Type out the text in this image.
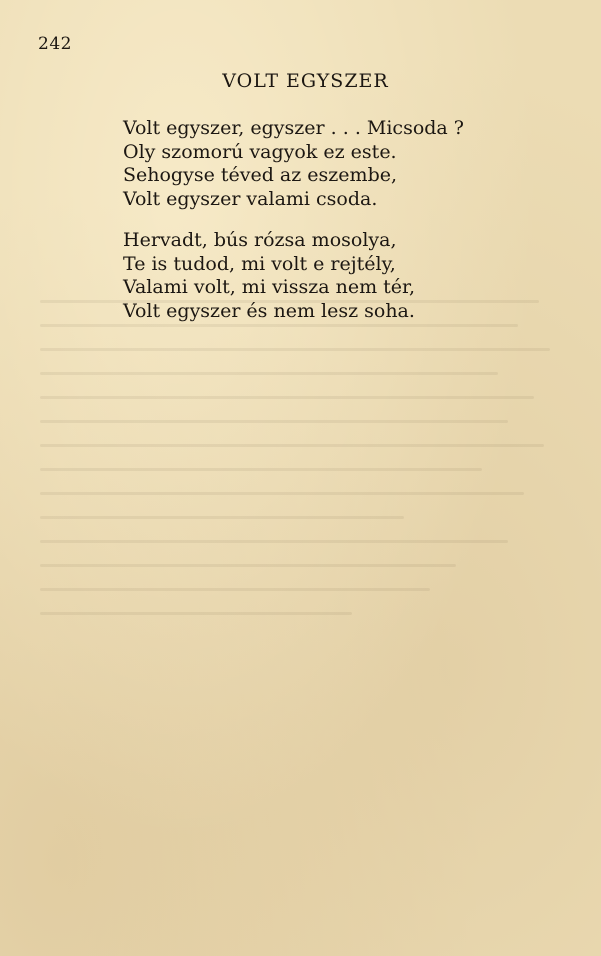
242
VOLT EGYSZER
Volt egyszer, egyszer . . . Micsoda ?
Oly szomorú vagyok ez este.
Sehogyse téved az eszembe,
Volt egyszer valami csoda.
Hervadt, bús rózsa mosolya,
Te is tudod, mi volt e rejtély,
Valami volt, mi vissza nem tér,
Volt egyszer és nem lesz soha.
